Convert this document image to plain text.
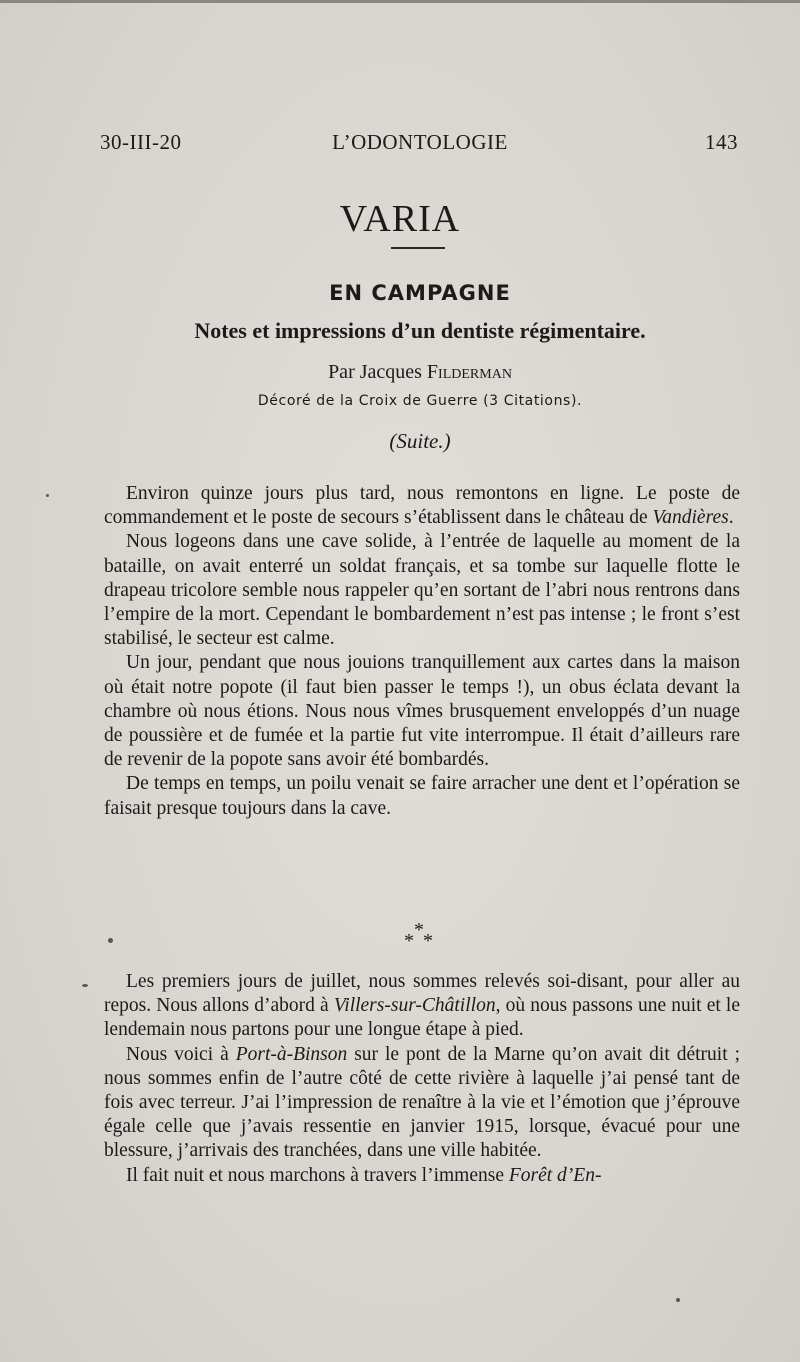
30-III-20	L’ODONTOLOGIE	143
VARIA
EN CAMPAGNE
Notes et impressions d’un dentiste régimentaire.
Par Jacques Filderman
Décoré de la Croix de Guerre (3 Citations).
(Suite.)

Environ quinze jours plus tard, nous remontons en ligne. Le poste de commandement et le poste de secours s’établissent dans le château de Vandières.

Nous logeons dans une cave solide, à l’entrée de laquelle au moment de la bataille, on avait enterré un soldat français, et sa tombe sur laquelle flotte le drapeau tricolore semble nous rappeler qu’en sortant de l’abri nous rentrons dans l’empire de la mort. Cependant le bombardement n’est pas intense ; le front s’est stabilisé, le secteur est calme.

Un jour, pendant que nous jouions tranquillement aux cartes dans la maison où était notre popote (il faut bien passer le temps !), un obus éclata devant la chambre où nous étions. Nous nous vîmes brusquement enveloppés d’un nuage de poussière et de fumée et la partie fut vite interrompue. Il était d’ailleurs rare de revenir de la popote sans avoir été bombardés.

De temps en temps, un poilu venait se faire arracher une dent et l’opération se faisait presque toujours dans la cave.

*
* *

Les premiers jours de juillet, nous sommes relevés soi-disant, pour aller au repos. Nous allons d’abord à Villers-sur-Châtillon, où nous passons une nuit et le lendemain nous partons pour une longue étape à pied.

Nous voici à Port-à-Binson sur le pont de la Marne qu’on avait dit détruit ; nous sommes enfin de l’autre côté de cette rivière à laquelle j’ai pensé tant de fois avec terreur. J’ai l’impression de renaître à la vie et l’émotion que j’éprouve égale celle que j’avais ressentie en janvier 1915, lorsque, évacué pour une blessure, j’arrivais des tranchées, dans une ville habitée.

Il fait nuit et nous marchons à travers l’immense Forêt d’En-
